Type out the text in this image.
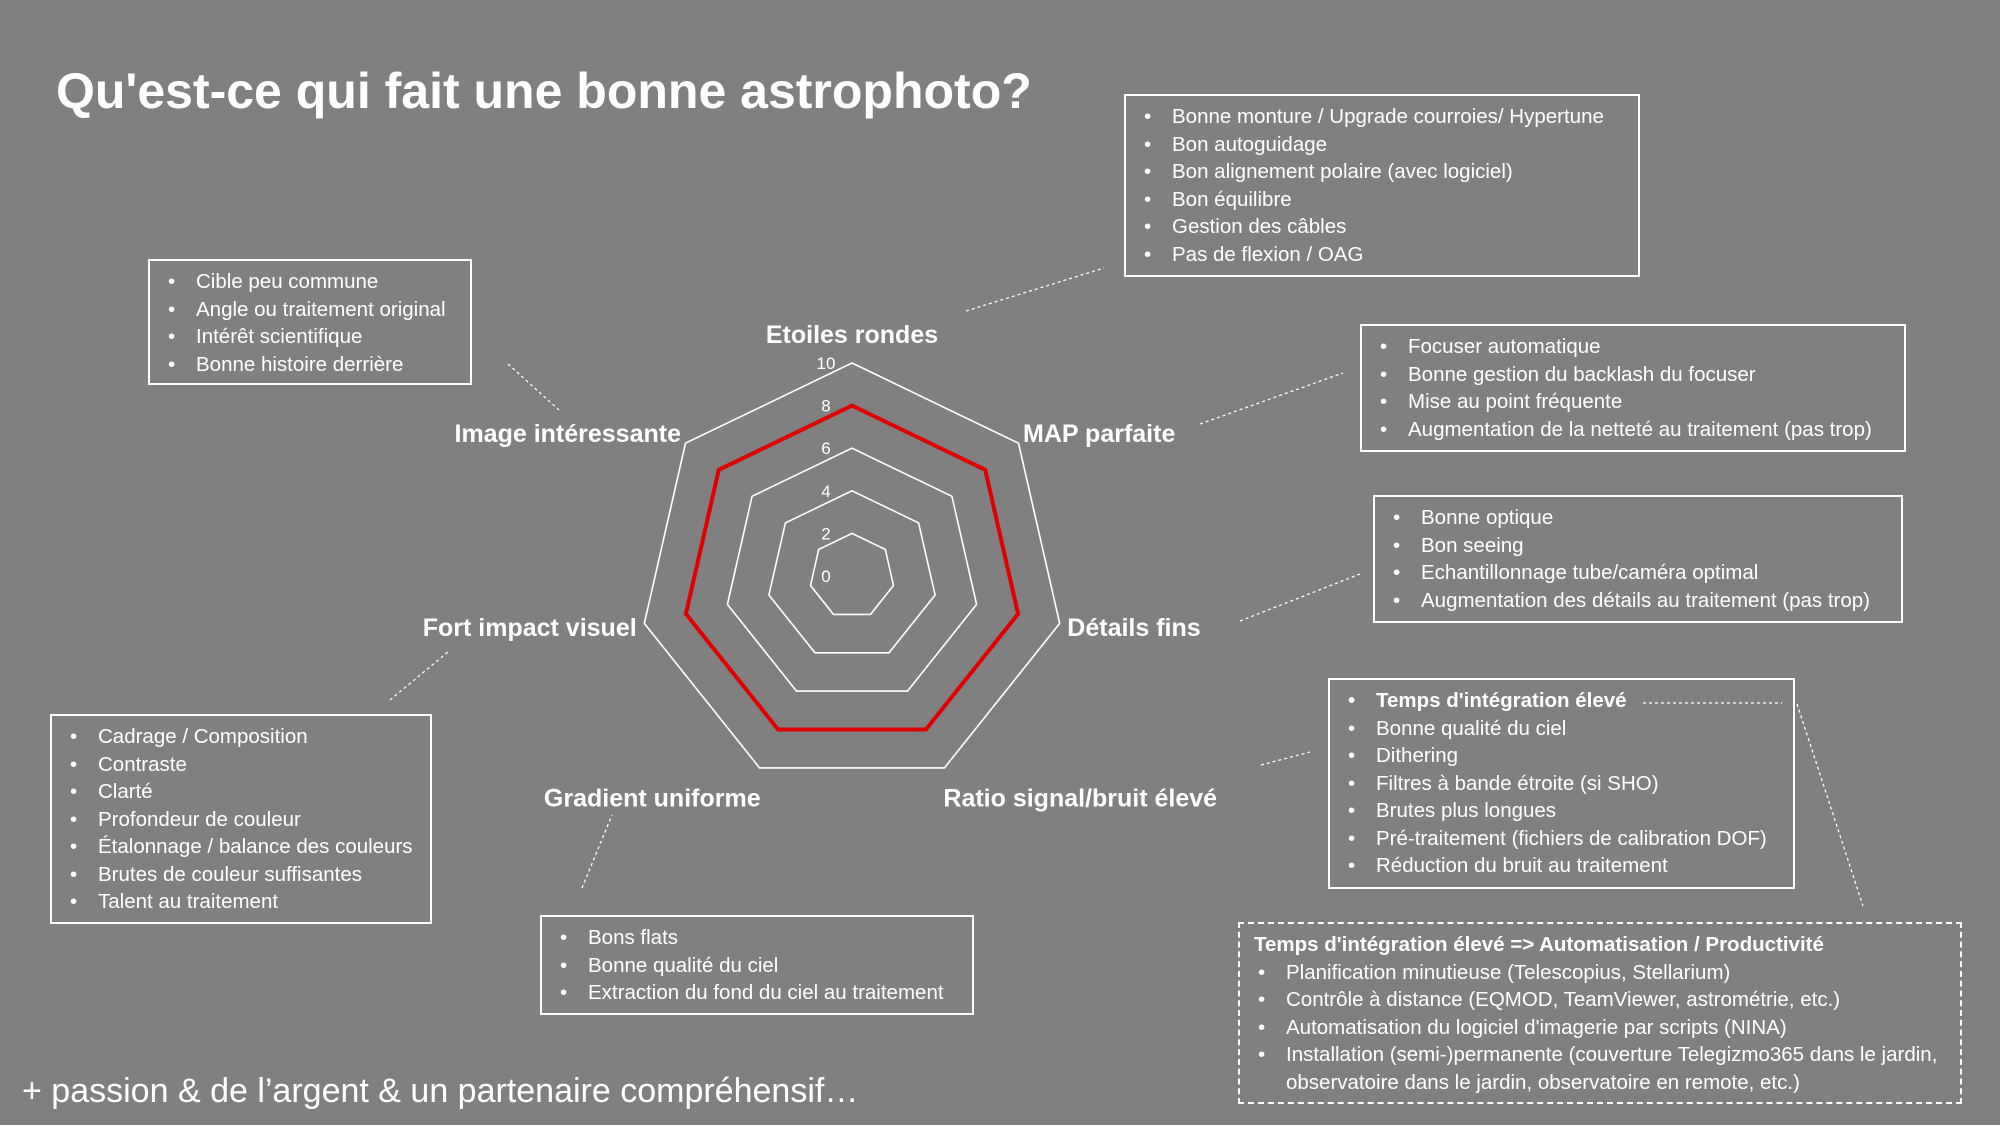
Qu'est-ce qui fait une bonne astrophoto?
0
2
4
6
8
10
Etoiles rondes
MAP parfaite
Détails fins
Ratio signal/bruit élevé
Gradient uniforme
Fort impact visuel
Image intéressante
• Bonne monture / Upgrade courroies/ Hypertune
• Bon autoguidage
• Bon alignement polaire (avec logiciel)
• Bon équilibre
• Gestion des câbles
• Pas de flexion / OAG
• Cible peu commune
• Angle ou traitement original
• Intérêt scientifique
• Bonne histoire derrière
• Focuser automatique
• Bonne gestion du backlash du focuser
• Mise au point fréquente
• Augmentation de la netteté au traitement (pas trop)
• Bonne optique
• Bon seeing
• Echantillonnage tube/caméra optimal
• Augmentation des détails au traitement (pas trop)
• Temps d'intégration élevé
• Bonne qualité du ciel
• Dithering
• Filtres à bande étroite (si SHO)
• Brutes plus longues
• Pré-traitement (fichiers de calibration DOF)
• Réduction du bruit au traitement
• Cadrage / Composition
• Contraste
• Clarté
• Profondeur de couleur
• Étalonnage / balance des couleurs
• Brutes de couleur suffisantes
• Talent au traitement
• Bons flats
• Bonne qualité du ciel
• Extraction du fond du ciel au traitement
Temps d'intégration élevé => Automatisation / Productivité
• Planification minutieuse (Telescopius, Stellarium)
• Contrôle à distance (EQMOD, TeamViewer, astrométrie, etc.)
• Automatisation du logiciel d'imagerie par scripts (NINA)
• Installation (semi-)permanente (couverture Telegizmo365 dans le jardin, observatoire dans le jardin, observatoire en remote, etc.)
+ passion & de l’argent & un partenaire compréhensif…
